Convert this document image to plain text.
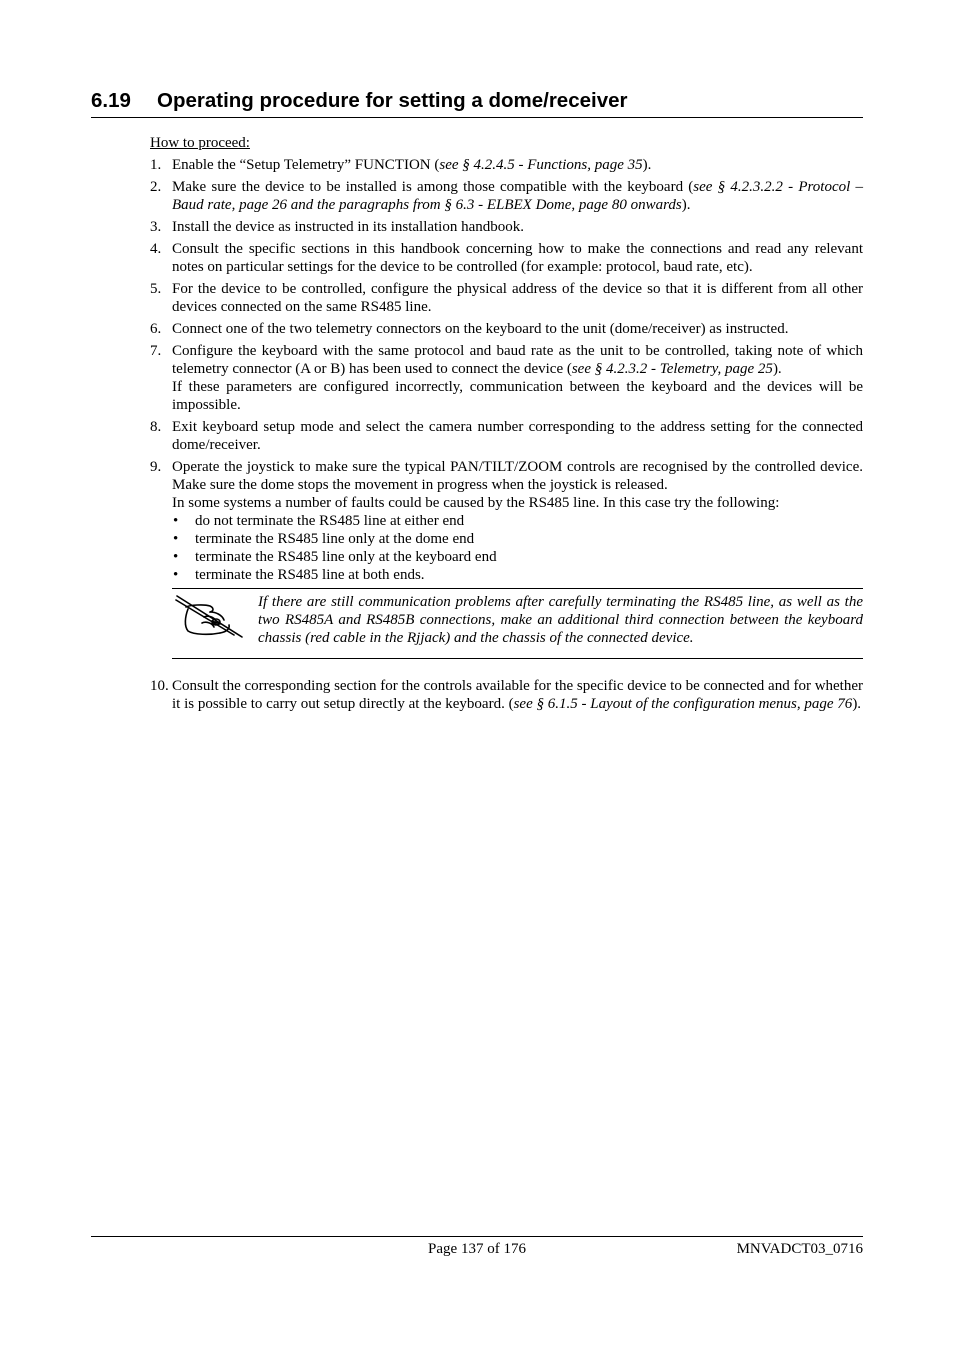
6.19 Operating procedure for setting a dome/receiver

How to proceed:

1. Enable the “Setup Telemetry” FUNCTION (see § 4.2.4.5 - Functions, page 35).
2. Make sure the device to be installed is among those compatible with the keyboard (see § 4.2.3.2.2 - Protocol – Baud rate, page 26 and the paragraphs from § 6.3 - ELBEX Dome, page 80 onwards).
3. Install the device as instructed in its installation handbook.
4. Consult the specific sections in this handbook concerning how to make the connections and read any relevant notes on particular settings for the device to be controlled (for example: protocol, baud rate, etc).
5. For the device to be controlled, configure the physical address of the device so that it is different from all other devices connected on the same RS485 line.
6. Connect one of the two telemetry connectors on the keyboard to the unit (dome/receiver) as instructed.
7. Configure the keyboard with the same protocol and baud rate as the unit to be controlled, taking note of which telemetry connector (A or B) has been used to connect the device (see § 4.2.3.2 - Telemetry, page 25).
If these parameters are configured incorrectly, communication between the keyboard and the devices will be impossible.
8. Exit keyboard setup mode and select the camera number corresponding to the address setting for the connected dome/receiver.
9. Operate the joystick to make sure the typical PAN/TILT/ZOOM controls are recognised by the controlled device. Make sure the dome stops the movement in progress when the joystick is released.
In some systems a number of faults could be caused by the RS485 line. In this case try the following:
• do not terminate the RS485 line at either end
• terminate the RS485 line only at the dome end
• terminate the RS485 line only at the keyboard end
• terminate the RS485 line at both ends.
If there are still communication problems after carefully terminating the RS485 line, as well as the two RS485A and RS485B connections, make an additional third connection between the keyboard chassis (red cable in the Rjjack) and the chassis of the connected device.
10. Consult the corresponding section for the controls available for the specific device to be connected and for whether it is possible to carry out setup directly at the keyboard. (see § 6.1.5 - Layout of the configuration menus, page 76).
Page 137 of 176	MNVADCT03_0716
